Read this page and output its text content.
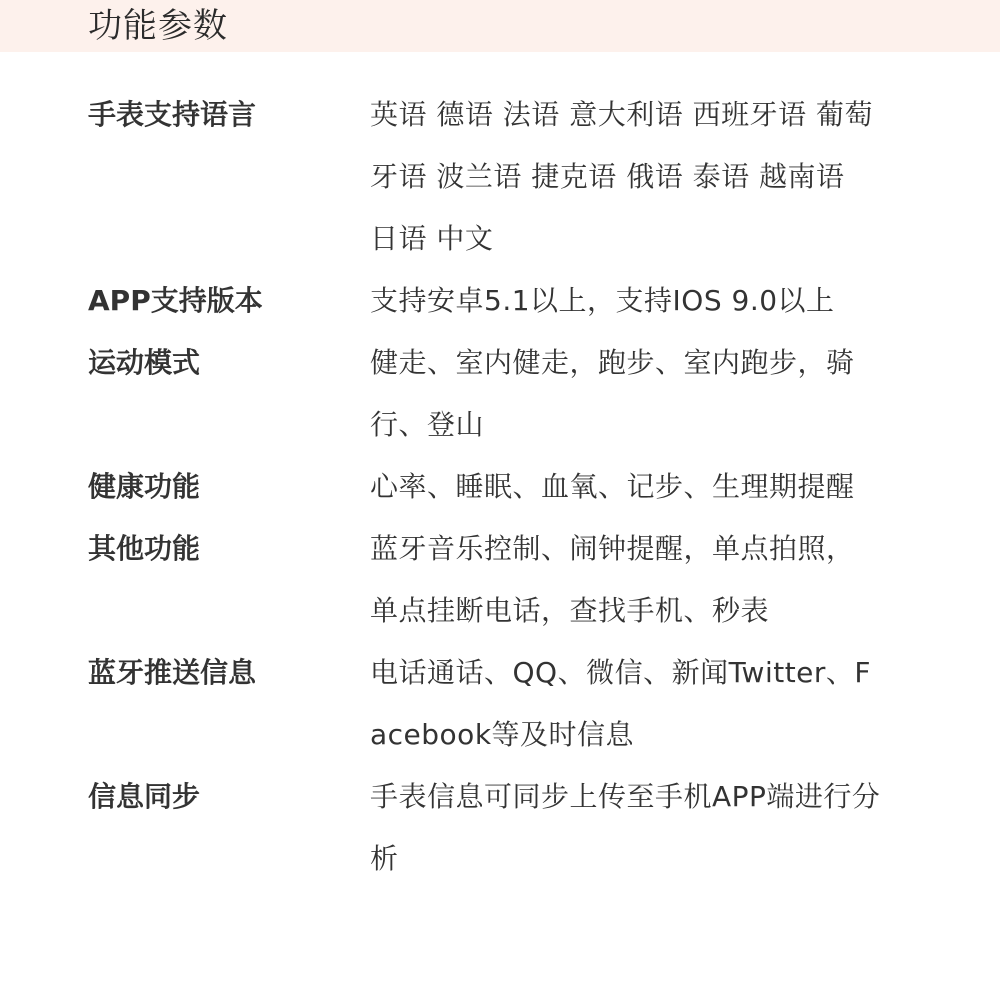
功能参数
手表支持语言	英语 德语 法语 意大利语 西班牙语 葡萄牙语 波兰语 捷克语 俄语 泰语 越南语 日语 中文
APP支持版本	支持安卓5.1以上，支持IOS 9.0以上
运动模式	健走、室内健走，跑步、室内跑步，骑行、登山
健康功能	心率、睡眠、血氧、记步、生理期提醒
其他功能	蓝牙音乐控制、闹钟提醒，单点拍照，单点挂断电话，查找手机、秒表
蓝牙推送信息	电话通话、QQ、微信、新闻Twitter、Facebook等及时信息
信息同步	手表信息可同步上传至手机APP端进行分析
